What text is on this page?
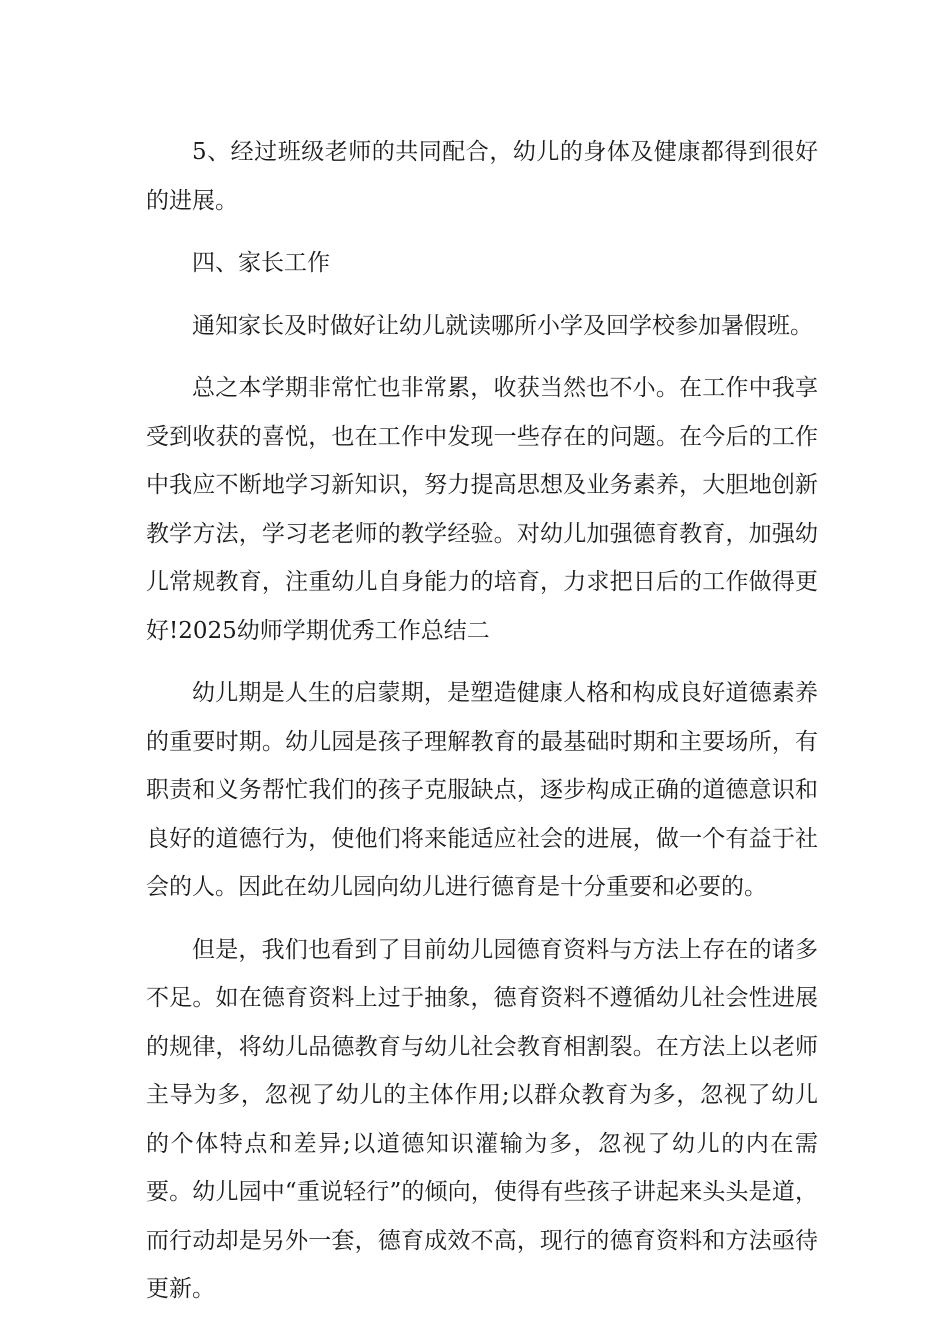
5、经过班级老师的共同配合，幼儿的身体及健康都得到很好的进展。

四、家长工作

通知家长及时做好让幼儿就读哪所小学及回学校参加暑假班。

总之本学期非常忙也非常累，收获当然也不小。在工作中我享受到收获的喜悦，也在工作中发现一些存在的问题。在今后的工作中我应不断地学习新知识，努力提高思想及业务素养，大胆地创新教学方法，学习老老师的教学经验。对幼儿加强德育教育，加强幼儿常规教育，注重幼儿自身能力的培育，力求把日后的工作做得更好!2025幼师学期优秀工作总结二

幼儿期是人生的启蒙期，是塑造健康人格和构成良好道德素养的重要时期。幼儿园是孩子理解教育的最基础时期和主要场所，有职责和义务帮忙我们的孩子克服缺点，逐步构成正确的道德意识和良好的道德行为，使他们将来能适应社会的进展，做一个有益于社会的人。因此在幼儿园向幼儿进行德育是十分重要和必要的。

但是，我们也看到了目前幼儿园德育资料与方法上存在的诸多不足。如在德育资料上过于抽象，德育资料不遵循幼儿社会性进展的规律，将幼儿品德教育与幼儿社会教育相割裂。在方法上以老师主导为多，忽视了幼儿的主体作用;以群众教育为多，忽视了幼儿的个体特点和差异;以道德知识灌输为多，忽视了幼儿的内在需要。幼儿园中“重说轻行”的倾向，使得有些孩子讲起来头头是道，而行动却是另外一套，德育成效不高，现行的德育资料和方法亟待更新。
